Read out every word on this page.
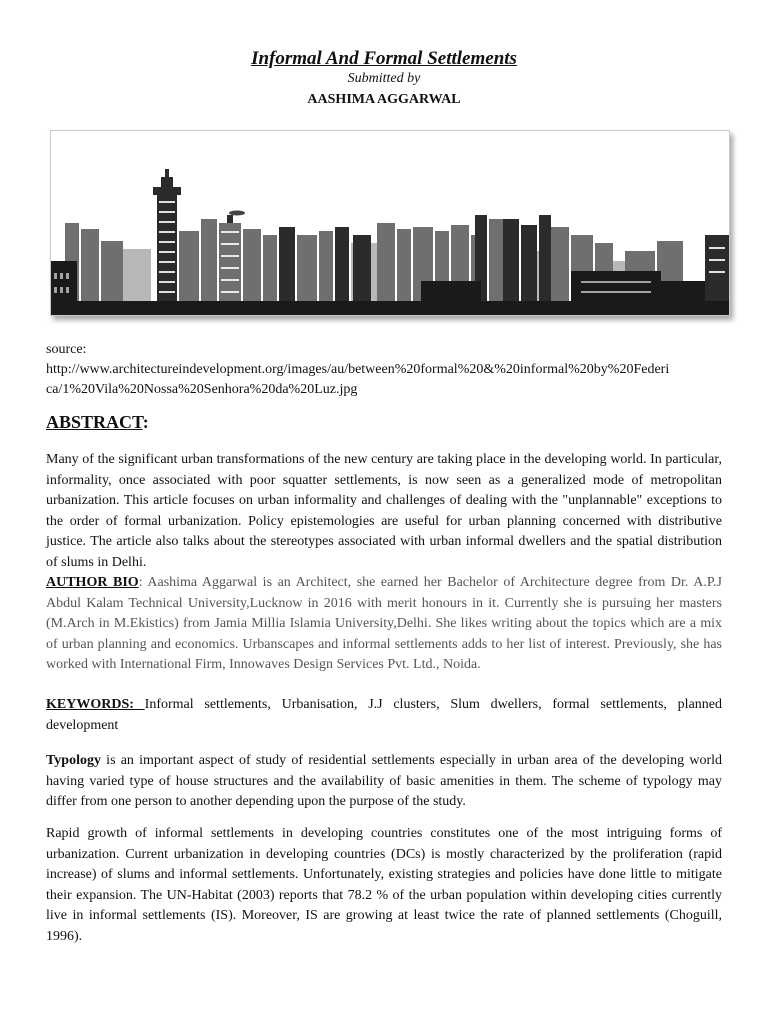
Informal And Formal Settlements
Submitted by
AASHIMA AGGARWAL
source:
http://www.architectureindevelopment.org/images/au/between%20formal%20&%20informal%20by%20Federi
ca/1%20Vila%20Nossa%20Senhora%20da%20Luz.jpg
ABSTRACT:
Many of the significant urban transformations of the new century are taking place in the developing world. In particular, informality, once associated with poor squatter settlements, is now seen as a generalized mode of metropolitan urbanization. This article focuses on urban informality and challenges of dealing with the "unplannable" exceptions to the order of formal urbanization. Policy epistemologies are useful for urban planning concerned with distributive justice. The article also talks about the stereotypes associated with urban informal dwellers and the spatial distribution of slums in Delhi.
AUTHOR BIO: Aashima Aggarwal is an Architect, she earned her Bachelor of Architecture degree from Dr. A.P.J Abdul Kalam Technical University,Lucknow in 2016 with merit honours in it. Currently she is pursuing her masters (M.Arch in M.Ekistics) from Jamia Millia Islamia University,Delhi. She likes writing about the topics which are a mix of urban planning and economics. Urbanscapes and informal settlements adds to her list of interest. Previously, she has worked with International Firm, Innowaves Design Services Pvt. Ltd., Noida.
KEYWORDS: Informal settlements, Urbanisation, J.J clusters, Slum dwellers, formal settlements, planned development
Typology is an important aspect of study of residential settlements especially in urban area of the developing world having varied type of house structures and the availability of basic amenities in them. The scheme of typology may differ from one person to another depending upon the purpose of the study.
Rapid growth of informal settlements in developing countries constitutes one of the most intriguing forms of urbanization. Current urbanization in developing countries (DCs) is mostly characterized by the proliferation (rapid increase) of slums and informal settlements. Unfortunately, existing strategies and policies have done little to mitigate their expansion. The UN-Habitat (2003) reports that 78.2 % of the urban population within developing cities currently live in informal settlements (IS). Moreover, IS are growing at least twice the rate of planned settlements (Choguill, 1996).
